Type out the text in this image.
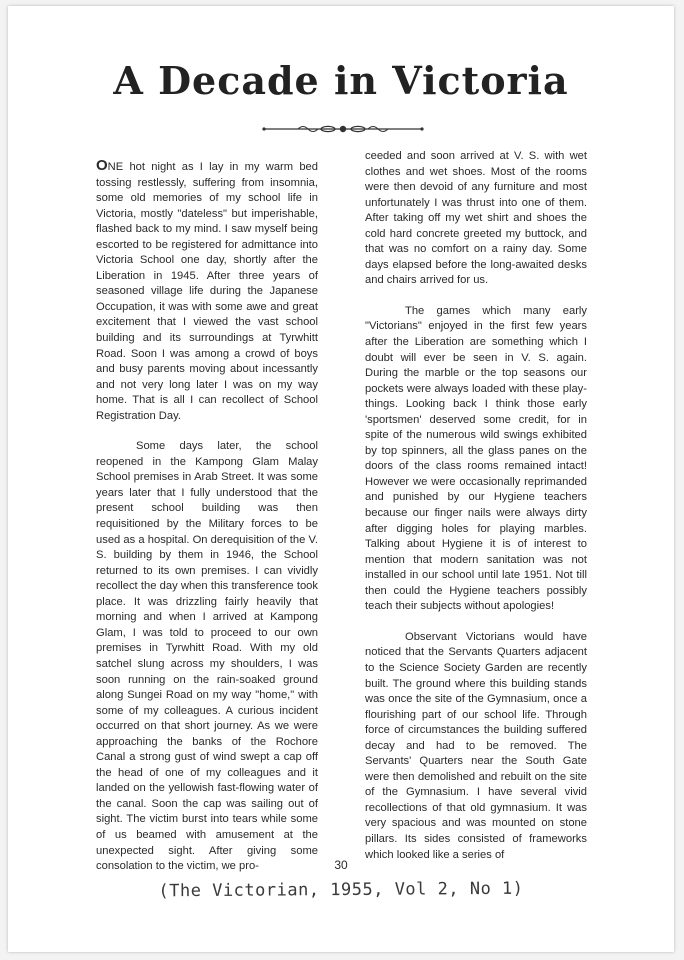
A Decade in Victoria

ONE hot night as I lay in my warm bed tossing restlessly, suffering from insomnia, some old memories of my school life in Victoria, mostly "dateless" but imperishable, flashed back to my mind. I saw myself being escorted to be registered for admittance into Victoria School one day, shortly after the Liberation in 1945. After three years of seasoned village life during the Japanese Occupation, it was with some awe and great excitement that I viewed the vast school building and its surroundings at Tyrwhitt Road. Soon I was among a crowd of boys and busy parents moving about incessantly and not very long later I was on my way home. That is all I can recollect of School Registration Day.

Some days later, the school reopened in the Kampong Glam Malay School premises in Arab Street. It was some years later that I fully understood that the present school building was then requisitioned by the Military forces to be used as a hospital. On derequisition of the V. S. building by them in 1946, the School returned to its own premises. I can vividly recollect the day when this transference took place. It was drizzling fairly heavily that morning and when I arrived at Kampong Glam, I was told to proceed to our own premises in Tyrwhitt Road. With my old satchel slung across my shoulders, I was soon running on the rain-soaked ground along Sungei Road on my way "home," with some of my colleagues. A curious incident occurred on that short journey. As we were approaching the banks of the Rochore Canal a strong gust of wind swept a cap off the head of one of my colleagues and it landed on the yellowish fast-flowing water of the canal. Soon the cap was sailing out of sight. The victim burst into tears while some of us beamed with amusement at the unexpected sight. After giving some consolation to the victim, we pro-

ceeded and soon arrived at V. S. with wet clothes and wet shoes. Most of the rooms were then devoid of any furniture and most unfortunately I was thrust into one of them. After taking off my wet shirt and shoes the cold hard concrete greeted my buttock, and that was no comfort on a rainy day. Some days elapsed before the long-awaited desks and chairs arrived for us.

The games which many early "Victorians" enjoyed in the first few years after the Liberation are something which I doubt will ever be seen in V. S. again. During the marble or the top seasons our pockets were always loaded with these play-things. Looking back I think those early 'sportsmen' deserved some credit, for in spite of the numerous wild swings exhibited by top spinners, all the glass panes on the doors of the class rooms remained intact! However we were occasionally reprimanded and punished by our Hygiene teachers because our finger nails were always dirty after digging holes for playing marbles. Talking about Hygiene it is of interest to mention that modern sanitation was not installed in our school until late 1951. Not till then could the Hygiene teachers possibly teach their subjects without apologies!

Observant Victorians would have noticed that the Servants Quarters adjacent to the Science Society Garden are recently built. The ground where this building stands was once the site of the Gymnasium, once a flourishing part of our school life. Through force of circumstances the building suffered decay and had to be removed. The Servants' Quarters near the South Gate were then demolished and rebuilt on the site of the Gymnasium. I have several vivid recollections of that old gymnasium. It was very spacious and was mounted on stone pillars. Its sides consisted of frameworks which looked like a series of

30
(The Victorian, 1955, Vol 2, No 1)
